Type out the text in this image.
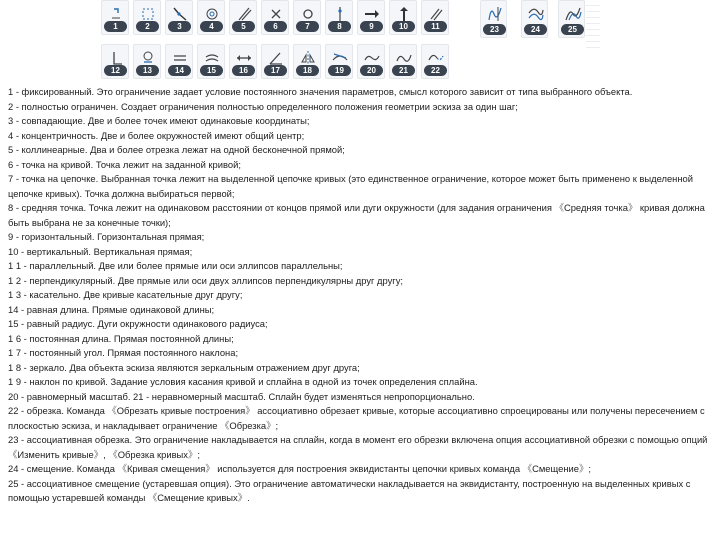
1	2	3	4	5	6	7	8	9	10	11
12	13	14	15	16	17	18	19	20	21	22
23	24	25

1 - фиксированный. Это ограничение задает условие постоянного значения параметров, смысл которого зависит от типа выбранного объекта.

2 - полностью ограничен. Создает ограничения полностью определенного положения геометрии эскиза за один шаг;

3 - совпадающие. Две и более точек имеют одинаковые координаты;

4 - концентричность. Две и более окружностей имеют общий центр;

5 - коллинеарные. Два и более отрезка лежат на одной бесконечной прямой;

6 - точка на кривой. Точка лежит на заданной кривой;

7 - точка на цепочке. Выбранная точка лежит на выделенной цепочке кривых (это единственное ограничение, которое может быть применено к выделенной цепочке кривых). Точка должна выбираться первой;

8 - средняя точка. Точка лежит на одинаковом расстоянии от концов прямой или дуги окружности (для задания ограничения 《Средняя точка》 кривая должна быть выбрана не за конечные точки);

9 - горизонтальный. Горизонтальная прямая;

10 - вертикальный. Вертикальная прямая;

1 1 - параллельный. Две или более прямые или оси эллипсов параллельны;

1 2 - перпендикулярный. Две прямые или оси двух эллипсов перпендикулярны друг другу;

1 3 - касательно. Две кривые касательные друг другу;

14 - равная длина. Прямые одинаковой длины;

15 - равный радиус. Дуги окружности одинакового радиуса;

1 6 - постоянная длина. Прямая постоянной длины;

1 7 - постоянный угол. Прямая постоянного наклона;

1 8 - зеркало. Два объекта эскиза являются зеркальным отражением друг друга;

1 9 - наклон по кривой. Задание условия касания кривой и сплайна в одной из точек определения сплайна.

20 - равномерный масштаб. 21 - неравномерный масштаб. Сплайн будет изменяться непропорционально.

22 - обрезка. Команда 《Обрезать кривые построения》 ассоциативно обрезает кривые, которые ассоциативно спроецированы или получены пересечением с плоскостью эскиза, и накладывает ограничение 《Обрезка》;

23 - ассоциативная обрезка. Это ограничение накладывается на сплайн, когда в момент его обрезки включена опция ассоциативной обрезки с помощью опций 《Изменить кривые》, 《Обрезка кривых》;

24 - смещение. Команда 《Кривая смещения》 используется для построения эквидистанты цепочки кривых команда 《Смещение》;

25 - ассоциативное смещение (устаревшая опция). Это ограничение автоматически накладывается на эквидистанту, построенную на выделенных кривых с помощью устаревшей команды 《Смещение кривых》.
